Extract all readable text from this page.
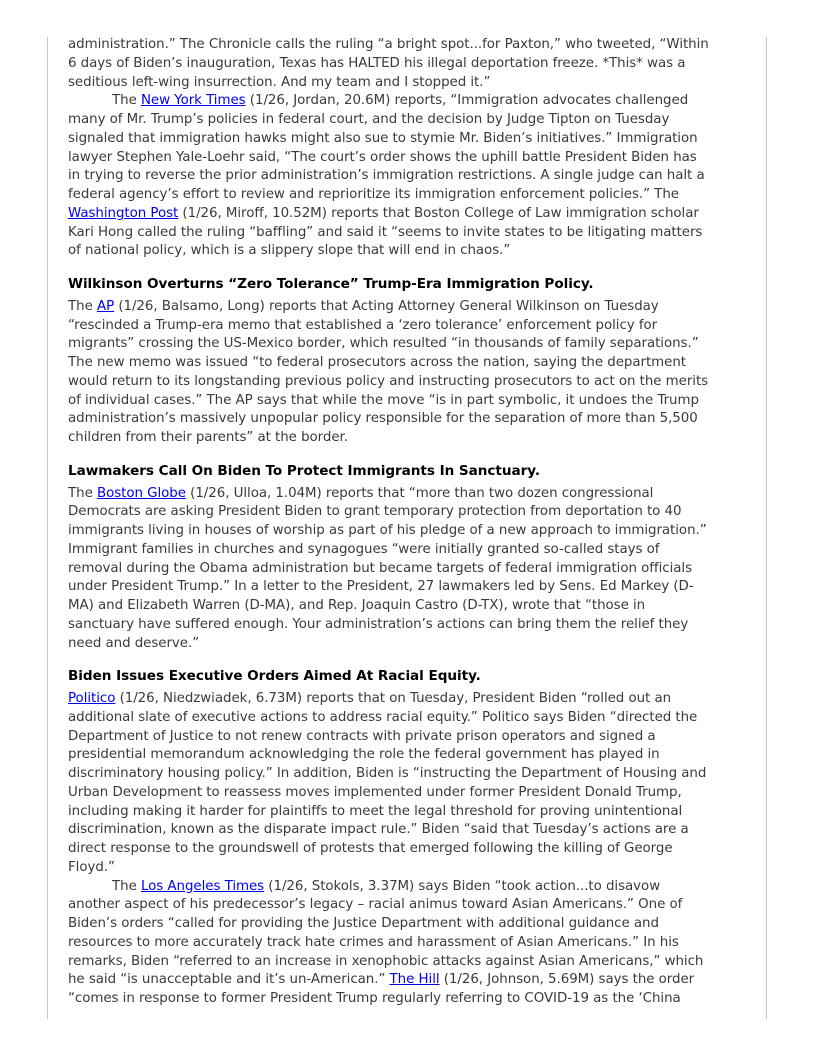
administration.” The Chronicle calls the ruling “a bright spot...for Paxton,” who tweeted, “Within
6 days of Biden’s inauguration, Texas has HALTED his illegal deportation freeze. *This* was a
seditious left-wing insurrection. And my team and I stopped it.”

The New York Times (1/26, Jordan, 20.6M) reports, “Immigration advocates challenged
many of Mr. Trump’s policies in federal court, and the decision by Judge Tipton on Tuesday
signaled that immigration hawks might also sue to stymie Mr. Biden’s initiatives.” Immigration
lawyer Stephen Yale-Loehr said, “The court’s order shows the uphill battle President Biden has
in trying to reverse the prior administration’s immigration restrictions. A single judge can halt a
federal agency’s effort to review and reprioritize its immigration enforcement policies.” The
Washington Post (1/26, Miroff, 10.52M) reports that Boston College of Law immigration scholar
Kari Hong called the ruling “baffling” and said it “seems to invite states to be litigating matters
of national policy, which is a slippery slope that will end in chaos.”

Wilkinson Overturns “Zero Tolerance” Trump-Era Immigration Policy.

The AP (1/26, Balsamo, Long) reports that Acting Attorney General Wilkinson on Tuesday
“rescinded a Trump-era memo that established a ‘zero tolerance’ enforcement policy for
migrants” crossing the US-Mexico border, which resulted “in thousands of family separations.”
The new memo was issued “to federal prosecutors across the nation, saying the department
would return to its longstanding previous policy and instructing prosecutors to act on the merits
of individual cases.” The AP says that while the move “is in part symbolic, it undoes the Trump
administration’s massively unpopular policy responsible for the separation of more than 5,500
children from their parents” at the border.

Lawmakers Call On Biden To Protect Immigrants In Sanctuary.

The Boston Globe (1/26, Ulloa, 1.04M) reports that “more than two dozen congressional
Democrats are asking President Biden to grant temporary protection from deportation to 40
immigrants living in houses of worship as part of his pledge of a new approach to immigration.”
Immigrant families in churches and synagogues “were initially granted so-called stays of
removal during the Obama administration but became targets of federal immigration officials
under President Trump.” In a letter to the President, 27 lawmakers led by Sens. Ed Markey (D-
MA) and Elizabeth Warren (D-MA), and Rep. Joaquin Castro (D-TX), wrote that “those in
sanctuary have suffered enough. Your administration’s actions can bring them the relief they
need and deserve.”

Biden Issues Executive Orders Aimed At Racial Equity.

Politico (1/26, Niedzwiadek, 6.73M) reports that on Tuesday, President Biden “rolled out an
additional slate of executive actions to address racial equity.” Politico says Biden “directed the
Department of Justice to not renew contracts with private prison operators and signed a
presidential memorandum acknowledging the role the federal government has played in
discriminatory housing policy.” In addition, Biden is “instructing the Department of Housing and
Urban Development to reassess moves implemented under former President Donald Trump,
including making it harder for plaintiffs to meet the legal threshold for proving unintentional
discrimination, known as the disparate impact rule.” Biden “said that Tuesday’s actions are a
direct response to the groundswell of protests that emerged following the killing of George
Floyd.”

The Los Angeles Times (1/26, Stokols, 3.37M) says Biden “took action...to disavow
another aspect of his predecessor’s legacy – racial animus toward Asian Americans.” One of
Biden’s orders “called for providing the Justice Department with additional guidance and
resources to more accurately track hate crimes and harassment of Asian Americans.” In his
remarks, Biden “referred to an increase in xenophobic attacks against Asian Americans,” which
he said “is unacceptable and it’s un-American.” The Hill (1/26, Johnson, 5.69M) says the order
“comes in response to former President Trump regularly referring to COVID-19 as the ‘China
